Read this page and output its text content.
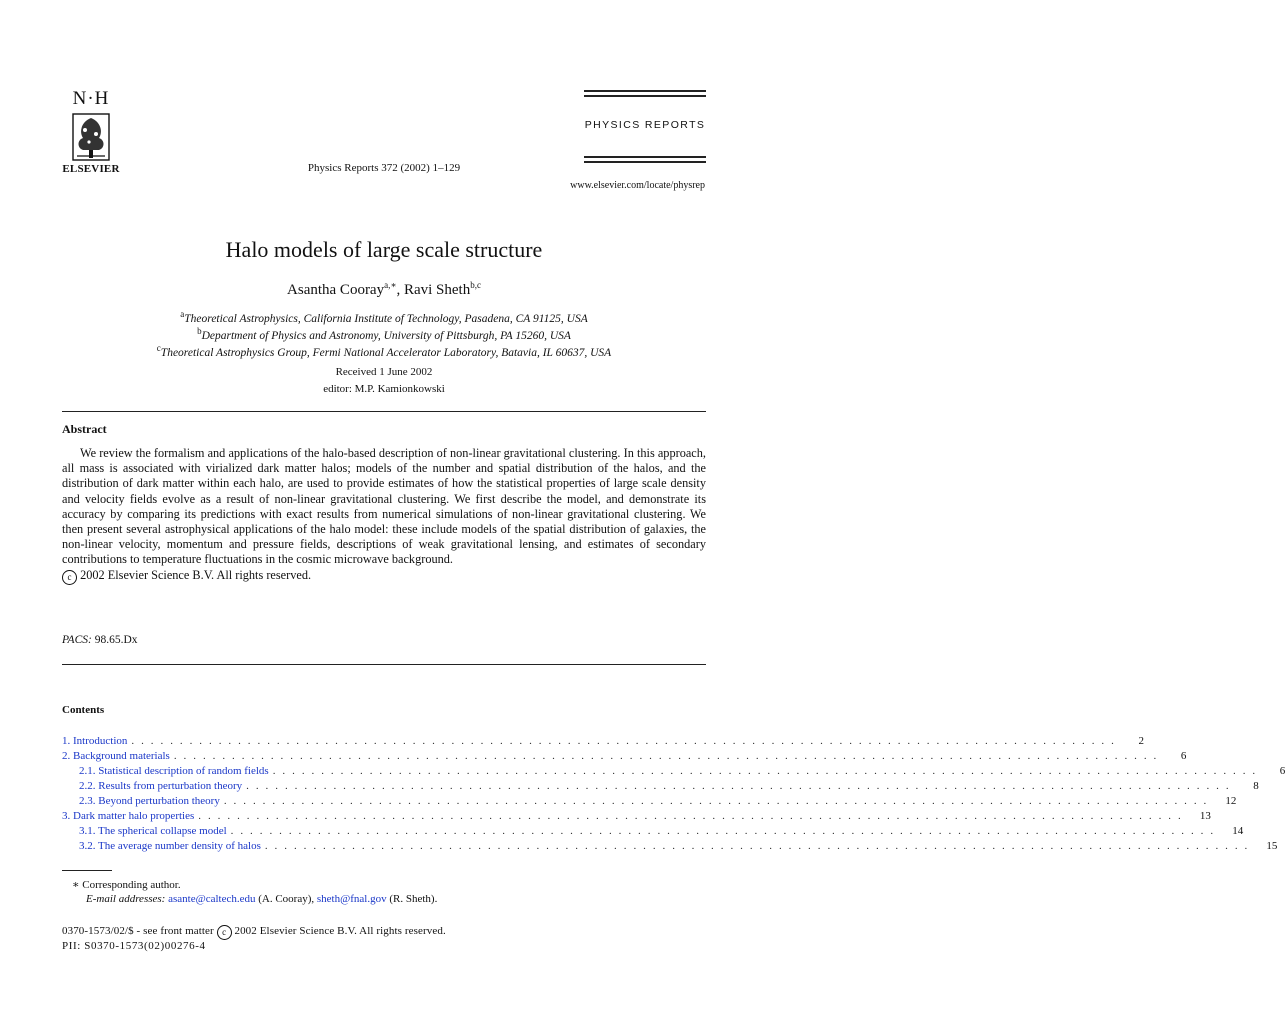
N·H
ELSEVIER	Physics Reports 372 (2002) 1–129
PHYSICS REPORTS
www.elsevier.com/locate/physrep
Halo models of large scale structure
Asantha Cooray$^{a,∗}$, Ravi Sheth$^{b,c}$
$^a$Theoretical Astrophysics, California Institute of Technology, Pasadena, CA 91125, USA
$^b$Department of Physics and Astronomy, University of Pittsburgh, PA 15260, USA
$^c$Theoretical Astrophysics Group, Fermi National Accelerator Laboratory, Batavia, IL 60637, USA
Received 1 June 2002
editor: M.P. Kamionkowski
Abstract
We review the formalism and applications of the halo-based description of non-linear gravitational clustering. In this approach, all mass is associated with virialized dark matter halos; models of the number and spatial distribution of the halos, and the distribution of dark matter within each halo, are used to provide estimates of how the statistical properties of large scale density and velocity fields evolve as a result of non-linear gravitational clustering. We first describe the model, and demonstrate its accuracy by comparing its predictions with exact results from numerical simulations of non-linear gravitational clustering. We then present several astrophysical applications of the halo model: these include models of the spatial distribution of galaxies, the non-linear velocity, momentum and pressure fields, descriptions of weak gravitational lensing, and estimates of secondary contributions to temperature fluctuations in the cosmic microwave background.
c 2002 Elsevier Science B.V. All rights reserved.
PACS: 98.65.Dx
Contents
1. Introduction . . . . . . . . . . . . . . . . . . . . . . . . . . . . . . . . . . . . . . . . . . . . . . . . . . . . . . . . . . . . . . . . . . . . . . . . . . . . . . . . . . . . . . . . . . . . . . . . . . . . . .	2
2. Background materials . . . . . . . . . . . . . . . . . . . . . . . . . . . . . . . . . . . . . . . . . . . . . . . . . . . . . . . . . . . . . . . . . . . . . . . . . . . . . . . . . . . . . . . . . . . . . . . . . . . . . .	6
2.1. Statistical description of random fields . . . . . . . . . . . . . . . . . . . . . . . . . . . . . . . . . . . . . . . . . . . . . . . . . . . . . . . . . . . . . . . . . . . . . . . . . . . . . . . . . . . . . . . . . . . . . . . . . . . . . .	6
2.2. Results from perturbation theory . . . . . . . . . . . . . . . . . . . . . . . . . . . . . . . . . . . . . . . . . . . . . . . . . . . . . . . . . . . . . . . . . . . . . . . . . . . . . . . . . . . . . . . . . . . . . . . . . . . . . .	8
2.3. Beyond perturbation theory . . . . . . . . . . . . . . . . . . . . . . . . . . . . . . . . . . . . . . . . . . . . . . . . . . . . . . . . . . . . . . . . . . . . . . . . . . . . . . . . . . . . . . . . . . . . . . . . . . . . . .	12
3. Dark matter halo properties . . . . . . . . . . . . . . . . . . . . . . . . . . . . . . . . . . . . . . . . . . . . . . . . . . . . . . . . . . . . . . . . . . . . . . . . . . . . . . . . . . . . . . . . . . . . . . . . . . . . . .	13
3.1. The spherical collapse model . . . . . . . . . . . . . . . . . . . . . . . . . . . . . . . . . . . . . . . . . . . . . . . . . . . . . . . . . . . . . . . . . . . . . . . . . . . . . . . . . . . . . . . . . . . . . . . . . . . . . .	14
3.2. The average number density of halos . . . . . . . . . . . . . . . . . . . . . . . . . . . . . . . . . . . . . . . . . . . . . . . . . . . . . . . . . . . . . . . . . . . . . . . . . . . . . . . . . . . . . . . . . . . . . . . . . . . . . .	15
∗ Corresponding author.
E-mail addresses: asante@caltech.edu (A. Cooray), sheth@fnal.gov (R. Sheth).
0370-1573/02/$ - see front matter c 2002 Elsevier Science B.V. All rights reserved.
PII: S0370-1573(02)00276-4
